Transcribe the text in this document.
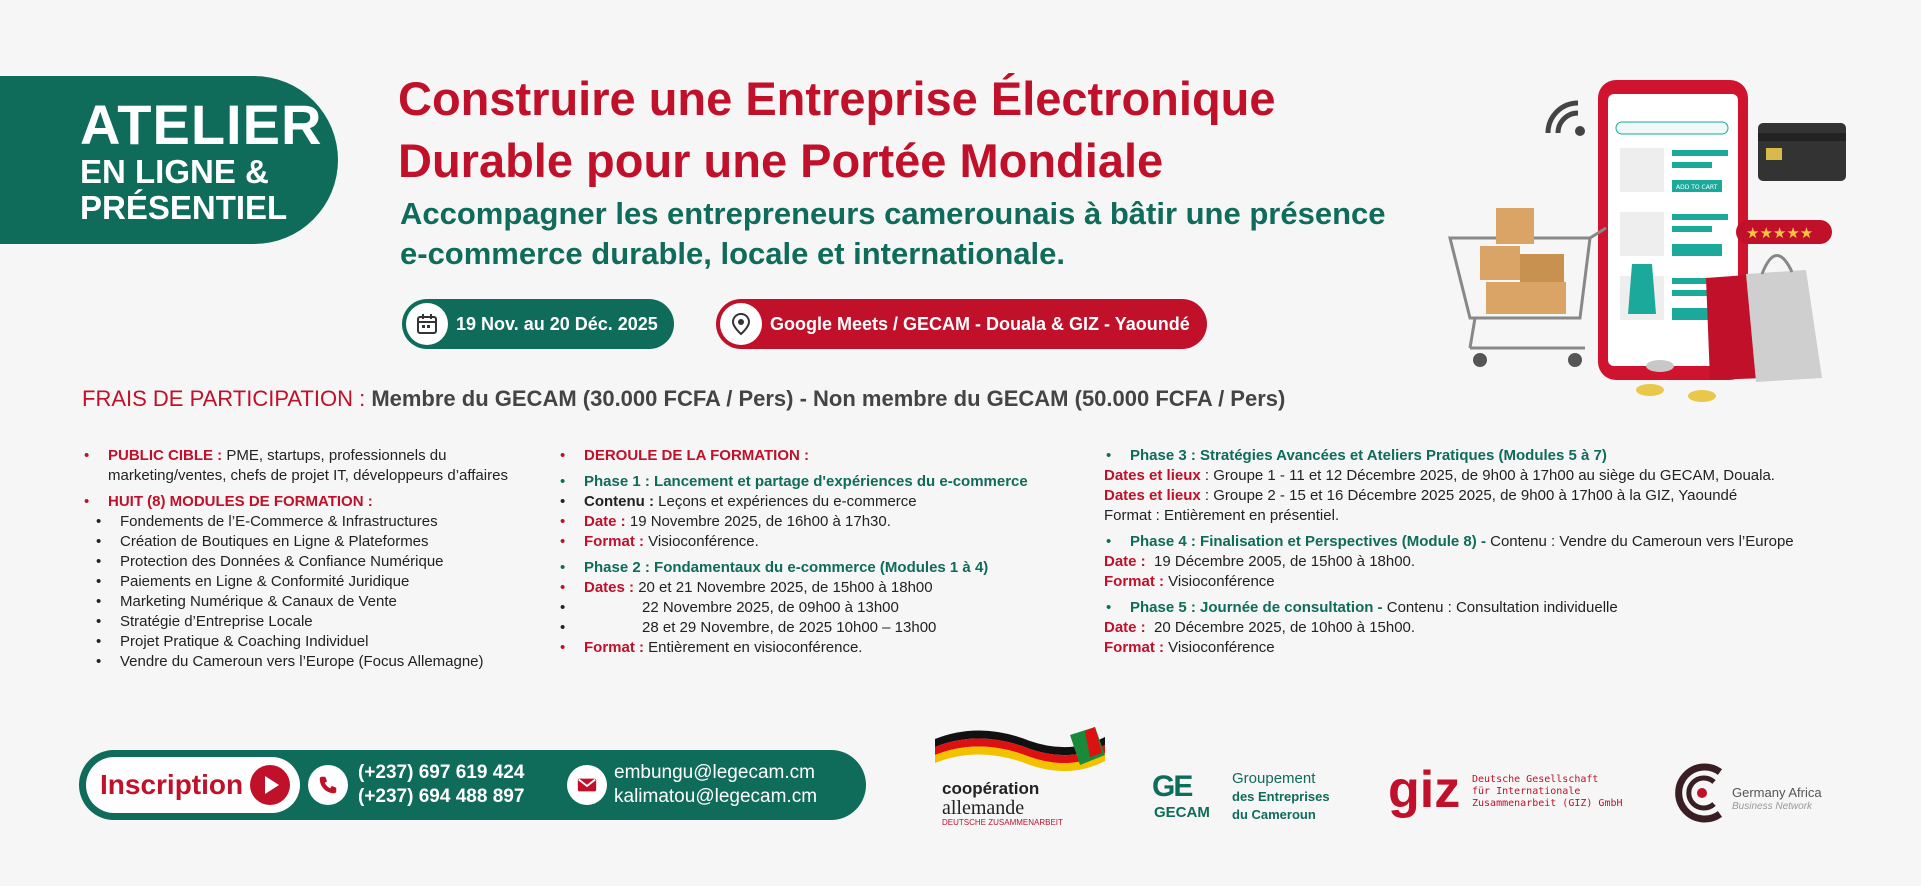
ATELIER
EN LIGNE &
PRÉSENTIEL
Construire une Entreprise Électronique
Durable pour une Portée Mondiale
Accompagner les entrepreneurs camerounais à bâtir une présence
e-commerce durable, locale et internationale.
19 Nov. au 20 Déc. 2025	Google Meets / GECAM - Douala & GIZ - Yaoundé
ADD TO CART
★★★★★
FRAIS DE PARTICIPATION : Membre du GECAM (30.000 FCFA / Pers) - Non membre du GECAM (50.000 FCFA / Pers)
•	PUBLIC CIBLE : PME, startups, professionnels du marketing/ventes, chefs de projet IT, développeurs d’affaires
•	HUIT (8) MODULES DE FORMATION :
•	Fondements de l’E-Commerce & Infrastructures
•	Création de Boutiques en Ligne & Plateformes
•	Protection des Données & Confiance Numérique
•	Paiements en Ligne & Conformité Juridique
•	Marketing Numérique & Canaux de Vente
•	Stratégie d’Entreprise Locale
•	Projet Pratique & Coaching Individuel
•	Vendre du Cameroun vers l’Europe (Focus Allemagne)
•	DEROULE DE LA FORMATION :
•	Phase 1 : Lancement et partage d'expériences du e-commerce
•	Contenu : Leçons et expériences du e-commerce
•	Date : 19 Novembre 2025, de 16h00 à 17h30.
•	Format : Visioconférence.
•	Phase 2 : Fondamentaux du e-commerce (Modules 1 à 4)
•	Dates : 20 et 21 Novembre 2025, de 15h00 à 18h00
•	22 Novembre 2025, de 09h00 à 13h00
•	28 et 29 Novembre, de 2025 10h00 – 13h00
•	Format : Entièrement en visioconférence.
•	Phase 3 : Stratégies Avancées et Ateliers Pratiques (Modules 5 à 7)
Dates et lieux : Groupe 1 - 11 et 12 Décembre 2025, de 9h00 à 17h00 au siège du GECAM, Douala.
Dates et lieux : Groupe 2 - 15 et 16 Décembre 2025 2025, de 9h00 à 17h00 à la GIZ, Yaoundé
Format : Entièrement en présentiel.
•	Phase 4 : Finalisation et Perspectives (Module 8) - Contenu : Vendre du Cameroun vers l’Europe
Date : 19 Décembre 2005, de 15h00 à 18h00.
Format : Visioconférence
•	Phase 5 : Journée de consultation - Contenu : Consultation individuelle
Date : 20 Décembre 2025, de 10h00 à 15h00.
Format : Visioconférence
Inscription	(+237) 697 619 424
(+237) 694 488 897
embungu@legecam.cm
kalimatou@legecam.cm	coopération
allemande
DEUTSCHE ZUSAMMENARBEIT
GE
GECAM
Groupement
des Entreprises
du Cameroun giz Deutsche Gesellschaft
für Internationale
Zusammenarbeit (GIZ) GmbH
Germany Africa
Business Network
